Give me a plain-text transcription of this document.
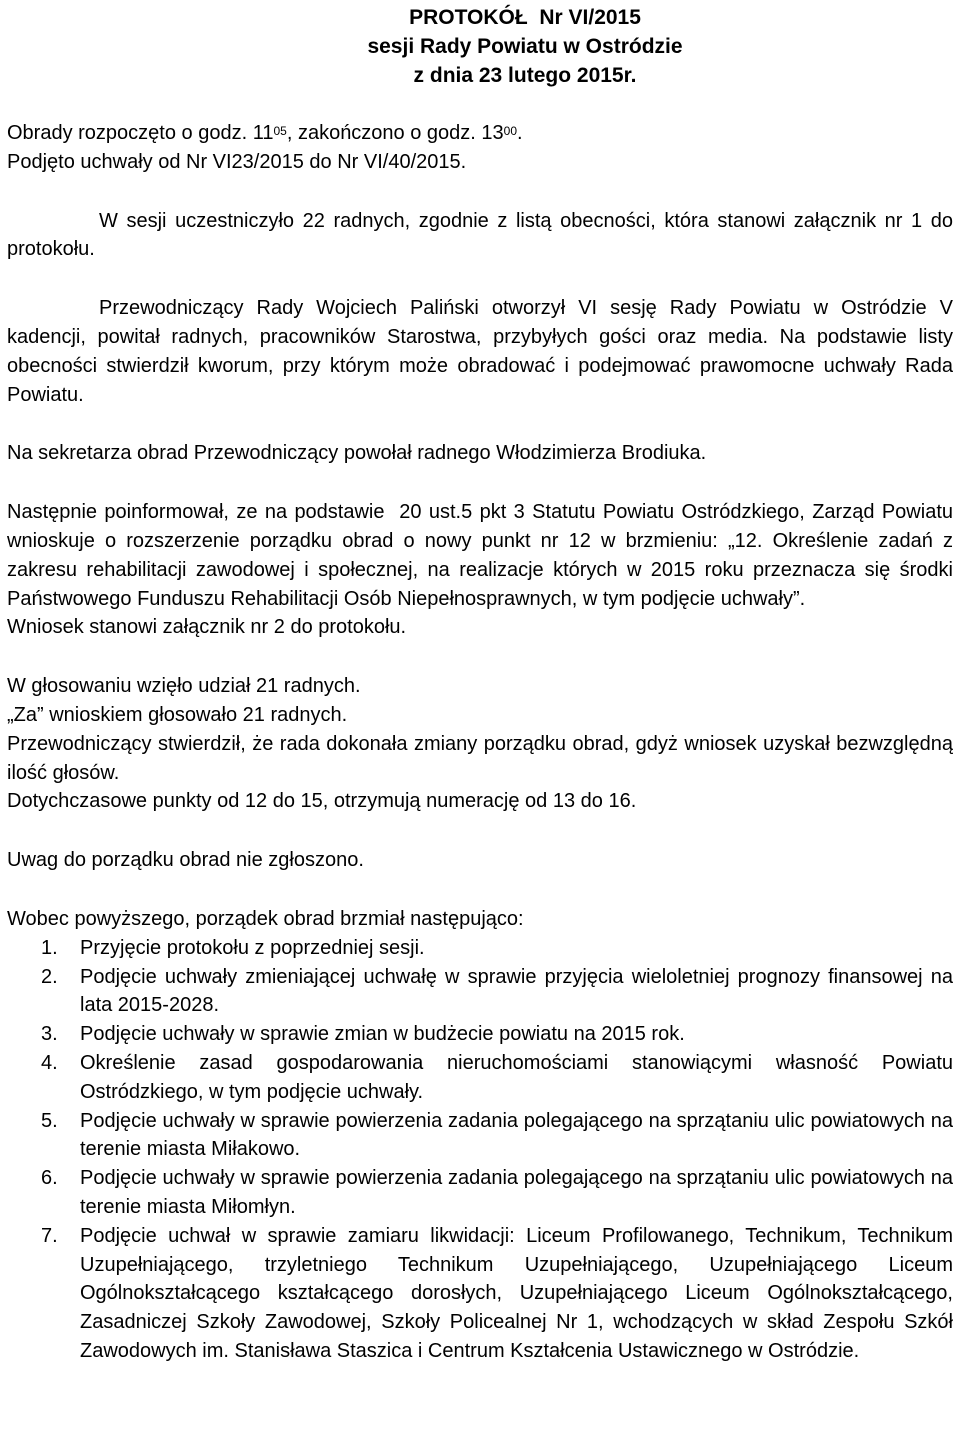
PROTOKÓŁ  Nr VI/2015
sesji Rady Powiatu w Ostródzie
z dnia 23 lutego 2015r.

Obrady rozpoczęto o godz. $11^{05}$, zakończono o godz. $13^{00}$.

Podjęto uchwały od Nr VI23/2015 do Nr VI/40/2015.

W sesji uczestniczyło 22 radnych, zgodnie z listą obecności, która stanowi załącznik nr 1 do protokołu.

Przewodniczący Rady Wojciech Paliński otworzył VI sesję Rady Powiatu w Ostródzie V kadencji, powitał radnych, pracowników Starostwa, przybyłych gości oraz media. Na podstawie listy obecności stwierdził kworum, przy którym może obradować i podejmować prawomocne uchwały Rada Powiatu.

Na sekretarza obrad Przewodniczący powołał radnego Włodzimierza Brodiuka.

Następnie poinformował, ze na podstawie  20 ust.5 pkt 3 Statutu Powiatu Ostródzkiego, Zarząd Powiatu wnioskuje o rozszerzenie porządku obrad o nowy punkt nr 12 w brzmieniu: „12. Określenie zadań z zakresu rehabilitacji zawodowej i społecznej, na realizacje których w 2015 roku przeznacza się środki Państwowego Funduszu Rehabilitacji Osób Niepełnosprawnych, w tym podjęcie uchwały”.

Wniosek stanowi załącznik nr 2 do protokołu.

W głosowaniu wzięło udział 21 radnych.

„Za” wnioskiem głosowało 21 radnych.

Przewodniczący stwierdził, że rada dokonała zmiany porządku obrad, gdyż wniosek uzyskał bezwzględną ilość głosów.

Dotychczasowe punkty od 12 do 15, otrzymują numerację od 13 do 16.

Uwag do porządku obrad nie zgłoszono.

Wobec powyższego, porządek obrad brzmiał następująco:

1. Przyjęcie protokołu z poprzedniej sesji.
2. Podjęcie uchwały zmieniającej uchwałę w sprawie przyjęcia wieloletniej prognozy finansowej na lata 2015-2028.
3. Podjęcie uchwały w sprawie zmian w budżecie powiatu na 2015 rok.
4. Określenie zasad gospodarowania nieruchomościami stanowiącymi własność Powiatu Ostródzkiego, w tym podjęcie uchwały.
5. Podjęcie uchwały w sprawie powierzenia zadania polegającego na sprzątaniu ulic powiatowych na terenie miasta Miłakowo.
6. Podjęcie uchwały w sprawie powierzenia zadania polegającego na sprzątaniu ulic powiatowych na terenie miasta Miłomłyn.
7. Podjęcie uchwał w sprawie zamiaru likwidacji: Liceum Profilowanego, Technikum, Technikum Uzupełniającego, trzyletniego Technikum Uzupełniającego, Uzupełniającego Liceum Ogólnokształcącego kształcącego dorosłych, Uzupełniającego Liceum Ogólnokształcącego, Zasadniczej Szkoły Zawodowej, Szkoły Policealnej Nr 1, wchodzących w skład Zespołu Szkół Zawodowych im. Stanisława Staszica i Centrum Kształcenia Ustawicznego w Ostródzie.
